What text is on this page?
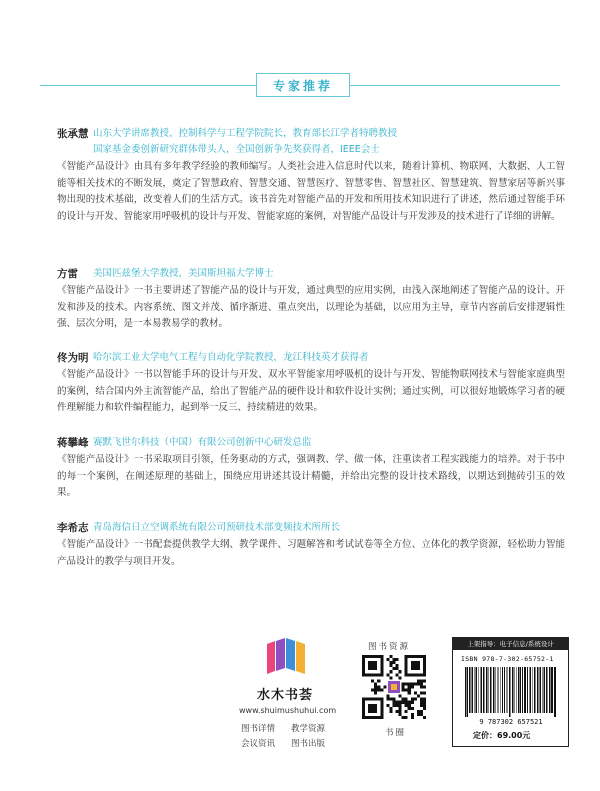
专家推荐
张承慧 山东大学讲席教授、控制科学与工程学院院长，教育部长江学者特聘教授
国家基金委创新研究群体带头人，全国创新争先奖获得者，IEEE会士
《智能产品设计》由具有多年教学经验的教师编写。人类社会进入信息时代以来，随着计算机、物联网、大数据、人工智能等相关技术的不断发展，奠定了智慧政府、智慧交通、智慧医疗、智慧零售、智慧社区、智慧建筑、智慧家居等新兴事物出现的技术基础，改变着人们的生活方式。该书首先对智能产品的开发和所用技术知识进行了讲述，然后通过智能手环的设计与开发、智能家用呼吸机的设计与开发、智能家庭的案例，对智能产品设计与开发涉及的技术进行了详细的讲解。
方雷	美国匹兹堡大学教授，美国斯坦福大学博士
《智能产品设计》一书主要讲述了智能产品的设计与开发，通过典型的应用实例，由浅入深地阐述了智能产品的设计、开发和涉及的技术。内容系统、图文并茂、循序渐进、重点突出，以理论为基础，以应用为主导，章节内容前后安排逻辑性强、层次分明，是一本易教易学的教材。
佟为明 哈尔滨工业大学电气工程与自动化学院教授，龙江科技英才获得者
《智能产品设计》一书以智能手环的设计与开发、双水平智能家用呼吸机的设计与开发、智能物联网技术与智能家庭典型的案例，结合国内外主流智能产品，给出了智能产品的硬件设计和软件设计实例；通过实例，可以很好地锻炼学习者的硬件理解能力和软件编程能力，起到举一反三、持续精进的效果。
蒋攀峰 赛默飞世尔科技（中国）有限公司创新中心研发总监
《智能产品设计》一书采取项目引领，任务驱动的方式，强调教、学、做一体，注重读者工程实践能力的培养。对于书中的每一个案例，在阐述原理的基础上，围绕应用讲述其设计精髓，并给出完整的设计技术路线，以期达到抛砖引玉的效果。
李希志 青岛海信日立空调系统有限公司预研技术部变频技术所所长
《智能产品设计》一书配套提供教学大纲、教学课件、习题解答和考试试卷等全方位、立体化的教学资源，轻松助力智能产品设计的教学与项目开发。
水木书荟
www.shuimushuhui.com
图书详情 教学资源
会议资讯 图书出版
图书资源
书圈
上架指导：电子信息/系统设计
ISBN 978-7-302-65752-1
9 787302 657521
定价：69.00元
